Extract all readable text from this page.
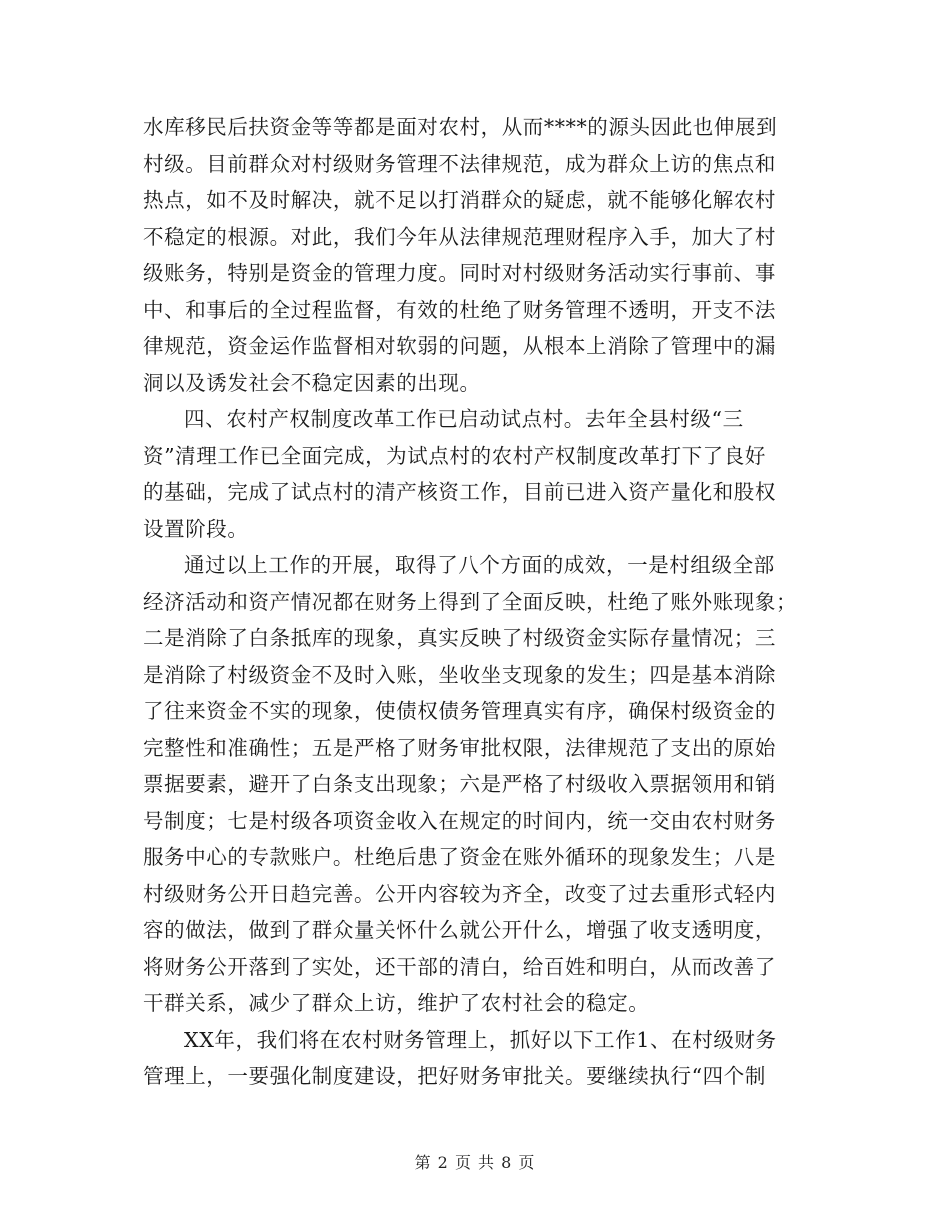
水库移民后扶资金等等都是面对农村，从而****的源头因此也伸展到
村级。目前群众对村级财务管理不法律规范，成为群众上访的焦点和
热点，如不及时解决，就不足以打消群众的疑虑，就不能够化解农村
不稳定的根源。对此，我们今年从法律规范理财程序入手，加大了村
级账务，特别是资金的管理力度。同时对村级财务活动实行事前、事
中、和事后的全过程监督，有效的杜绝了财务管理不透明，开支不法
律规范，资金运作监督相对软弱的问题，从根本上消除了管理中的漏
洞以及诱发社会不稳定因素的出现。
四、农村产权制度改革工作已启动试点村。去年全县村级“三
资”清理工作已全面完成，为试点村的农村产权制度改革打下了良好
的基础，完成了试点村的清产核资工作，目前已进入资产量化和股权
设置阶段。
通过以上工作的开展，取得了八个方面的成效，一是村组级全部
经济活动和资产情况都在财务上得到了全面反映，杜绝了账外账现象；
二是消除了白条抵库的现象，真实反映了村级资金实际存量情况；三
是消除了村级资金不及时入账，坐收坐支现象的发生；四是基本消除
了往来资金不实的现象，使债权债务管理真实有序，确保村级资金的
完整性和准确性；五是严格了财务审批权限，法律规范了支出的原始
票据要素，避开了白条支出现象；六是严格了村级收入票据领用和销
号制度；七是村级各项资金收入在规定的时间内，统一交由农村财务
服务中心的专款账户。杜绝后患了资金在账外循环的现象发生；八是
村级财务公开日趋完善。公开内容较为齐全，改变了过去重形式轻内
容的做法，做到了群众量关怀什么就公开什么，增强了收支透明度，
将财务公开落到了实处，还干部的清白，给百姓和明白，从而改善了
干群关系，减少了群众上访，维护了农村社会的稳定。
XX年，我们将在农村财务管理上，抓好以下工作1、在村级财务
管理上，一要强化制度建设，把好财务审批关。要继续执行“四个制
第 2 页 共 8 页
